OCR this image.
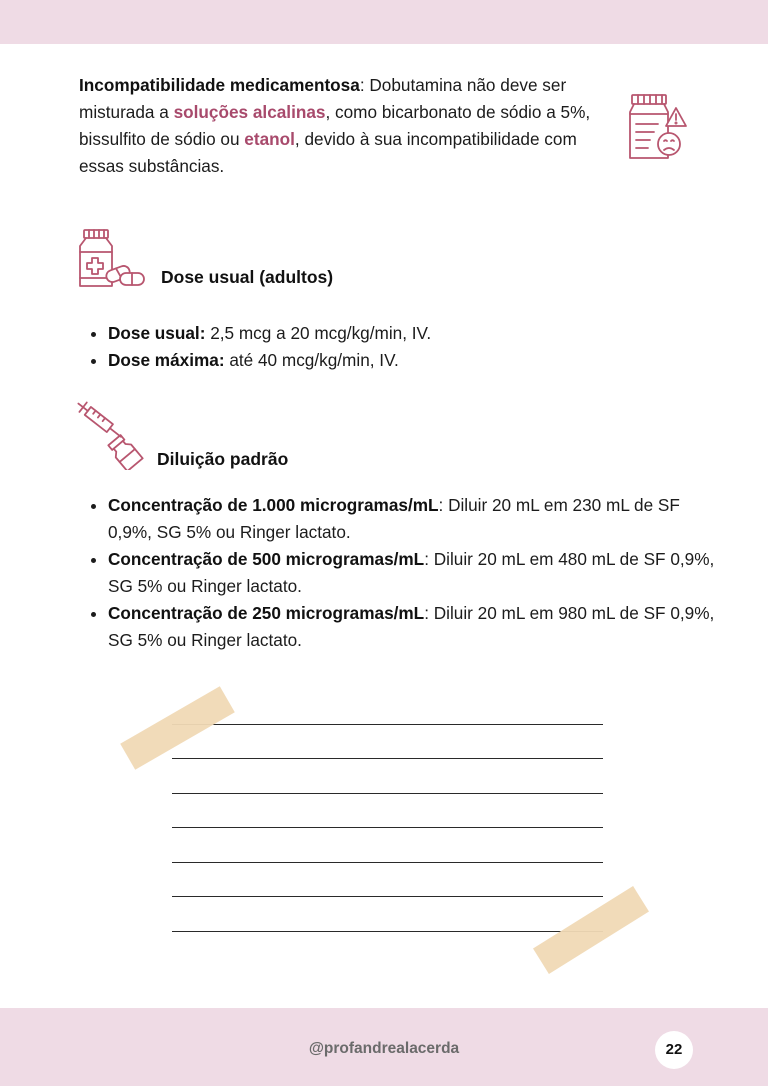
Incompatibilidade medicamentosa: Dobutamina não deve ser misturada a soluções alcalinas, como bicarbonato de sódio a 5%, bissulfito de sódio ou etanol, devido à sua incompatibilidade com essas substâncias.

Dose usual (adultos)

• Dose usual: 2,5 mcg a 20 mcg/kg/min, IV.
• Dose máxima: até 40 mcg/kg/min, IV.

Diluição padrão

• Concentração de 1.000 microgramas/mL: Diluir 20 mL em 230 mL de SF 0,9%, SG 5% ou Ringer lactato.
• Concentração de 500 microgramas/mL: Diluir 20 mL em 480 mL de SF 0,9%, SG 5% ou Ringer lactato.
• Concentração de 250 microgramas/mL: Diluir 20 mL em 980 mL de SF 0,9%, SG 5% ou Ringer lactato.
@profandrealacerda	22
